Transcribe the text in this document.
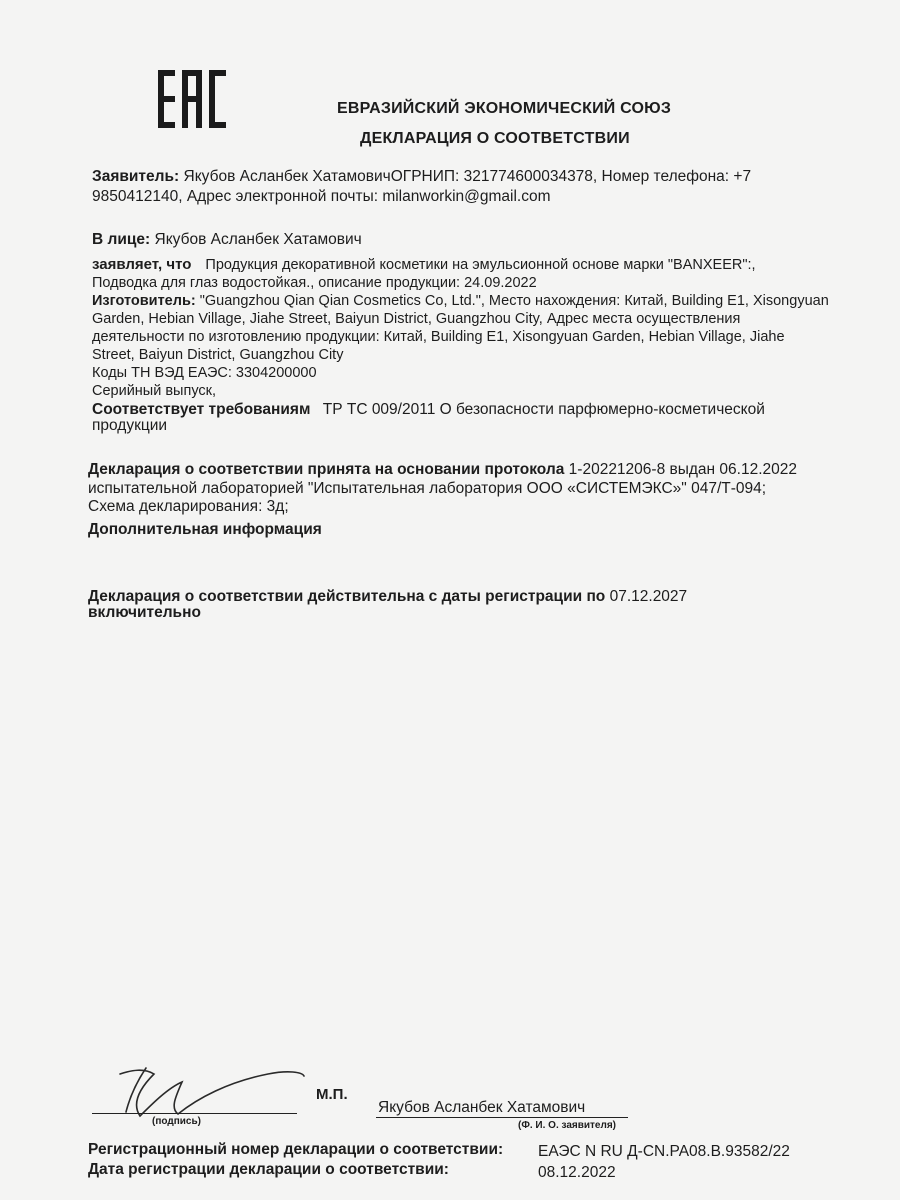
ЕВРАЗИЙСКИЙ ЭКОНОМИЧЕСКИЙ СОЮЗ
ДЕКЛАРАЦИЯ О СООТВЕТСТВИИ
Заявитель: Якубов Асланбек ХатамовичОГРНИП: 321774600034378, Номер телефона: +7
9850412140, Адрес электронной почты: milanworkin@gmail.com
В лице: Якубов Асланбек Хатамович
заявляет, что Продукция декоративной косметики на эмульсионной основе марки "BANXEER":,
Подводка для глаз водостойкая., описание продукции: 24.09.2022
Изготовитель: "Guangzhou Qian Qian Cosmetics Co, Ltd.", Место нахождения: Китай, Building E1, Xisongyuan
Garden, Hebian Village, Jiahe Street, Baiyun District, Guangzhou City, Адрес места осуществления
деятельности по изготовлению продукции: Китай, Building E1, Xisongyuan Garden, Hebian Village, Jiahe
Street, Baiyun District, Guangzhou City
Коды ТН ВЭД ЕАЭС: 3304200000
Серийный выпуск,
Соответствует требованиям ТР ТС 009/2011 О безопасности парфюмерно-косметической
продукции
Декларация о соответствии принята на основании протокола 1-20221206-8 выдан 06.12.2022
испытательной лабораторией "Испытательная лаборатория ООО «СИСТЕМЭКС»" 047/Т-094;
Схема декларирования: 3д;
Дополнительная информация
Декларация о соответствии действительна с даты регистрации по 07.12.2027
включительно
(подпись)
М.П.
Якубов Асланбек Хатамович
(Ф. И. О. заявителя)
Регистрационный номер декларации о соответствии: ЕАЭС N RU Д-CN.PA08.B.93582/22
Дата регистрации декларации о соответствии:	08.12.2022
